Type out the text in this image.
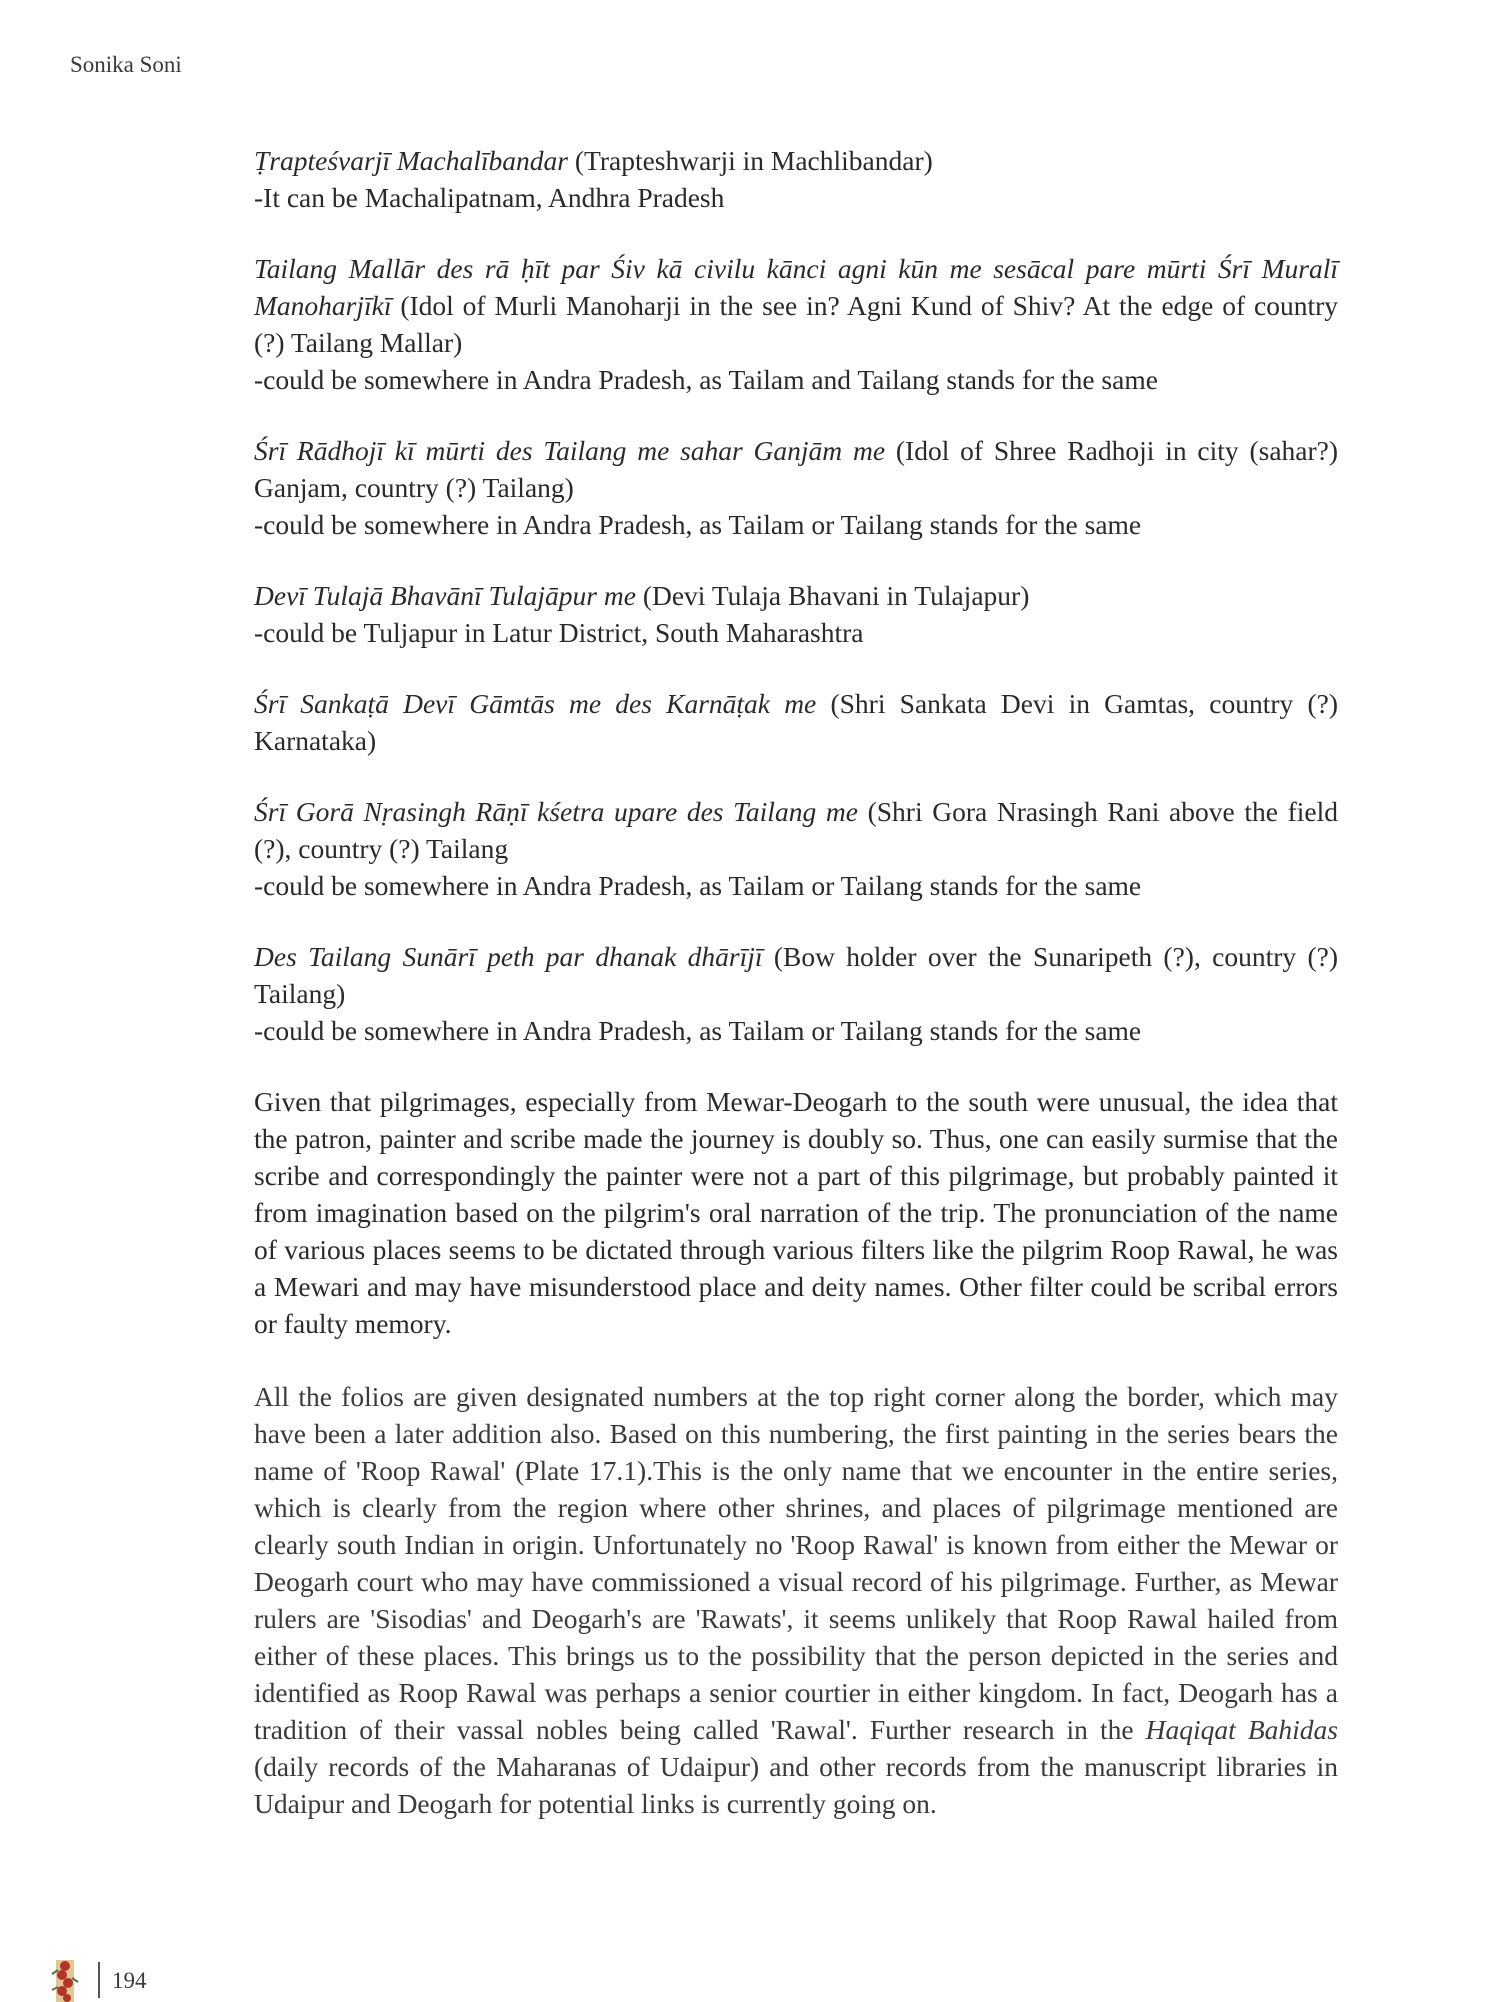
Sonika Soni

Ṭrapteśvarjī Machalībandar (Trapteshwarji in Machlibandar)

-It can be Machalipatnam, Andhra Pradesh

Tailang Mallār des rā ḥīt par Śiv kā civilu kānci agni kūn me sesācal pare mūrti Śrī Muralī Manoharjīkī (Idol of Murli Manoharji in the see in? Agni Kund of Shiv? At the edge of country (?) Tailang Mallar)

-could be somewhere in Andra Pradesh, as Tailam and Tailang stands for the same

Śrī Rādhojī kī mūrti des Tailang me sahar Ganjām me (Idol of Shree Radhoji in city (sahar?) Ganjam, country (?) Tailang)

-could be somewhere in Andra Pradesh, as Tailam or Tailang stands for the same

Devī Tulajā Bhavānī Tulajāpur me (Devi Tulaja Bhavani in Tulajapur)

-could be Tuljapur in Latur District, South Maharashtra

Śrī Sankaṭā Devī Gāmtās me des Karnāṭak me (Shri Sankata Devi in Gamtas, country (?) Karnataka)

Śrī Gorā Nṛasingh Rāṇī kśetra upare des Tailang me (Shri Gora Nrasingh Rani above the field (?), country (?) Tailang

-could be somewhere in Andra Pradesh, as Tailam or Tailang stands for the same

Des Tailang Sunārī peth par dhanak dhārījī (Bow holder over the Sunaripeth (?), country (?) Tailang)

-could be somewhere in Andra Pradesh, as Tailam or Tailang stands for the same

Given that pilgrimages, especially from Mewar-Deogarh to the south were unusual, the idea that the patron, painter and scribe made the journey is doubly so. Thus, one can easily surmise that the scribe and correspondingly the painter were not a part of this pilgrimage, but probably painted it from imagination based on the pilgrim's oral narration of the trip. The pronunciation of the name of various places seems to be dictated through various filters like the pilgrim Roop Rawal, he was a Mewari and may have misunderstood place and deity names. Other filter could be scribal errors or faulty memory.

All the folios are given designated numbers at the top right corner along the border, which may have been a later addition also. Based on this numbering, the first painting in the series bears the name of 'Roop Rawal' (Plate 17.1).This is the only name that we encounter in the entire series, which is clearly from the region where other shrines, and places of pilgrimage mentioned are clearly south Indian in origin. Unfortunately no 'Roop Rawal' is known from either the Mewar or Deogarh court who may have commissioned a visual record of his pilgrimage. Further, as Mewar rulers are 'Sisodias' and Deogarh's are 'Rawats', it seems unlikely that Roop Rawal hailed from either of these places. This brings us to the possibility that the person depicted in the series and identified as Roop Rawal was perhaps a senior courtier in either kingdom. In fact, Deogarh has a tradition of their vassal nobles being called 'Rawal'. Further research in the Haqiqat Bahidas (daily records of the Maharanas of Udaipur) and other records from the manuscript libraries in Udaipur and Deogarh for potential links is currently going on.

194
